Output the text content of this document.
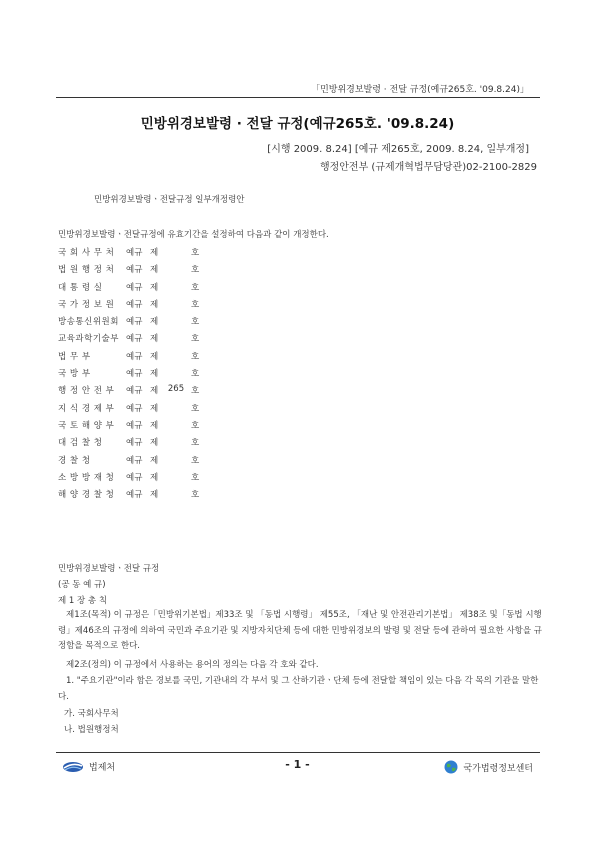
「민방위경보발령 · 전달 규정(예규265호. '09.8.24)」
민방위경보발령 · 전달 규정(예규265호. '09.8.24)
[시행 2009. 8.24] [예규 제265호, 2009. 8.24, 일부개정]
행정안전부 (규제개혁법무담당관)02-2100-2829
민방위경보발령ㆍ전달규정 일부개정령안
민방위경보발령ㆍ전달규정에 유효기간을 설정하여 다음과 같이 개정한다.
국 회 사 무 처	예규 제	호
법 원 행 정 처	예규 제	호
대 통 령 실	예규 제	호
국 가 정 보 원	예규 제	호
방송통신위원회 예규 제	호
교육과학기술부 예규 제	호
법 무 부	예규 제	호
국 방 부	예규 제	호
행 정 안 전 부	예규 제	265 호
지 식 경 제 부	예규 제	호
국 토 해 양 부	예규 제	호
대 검 찰 청	예규 제	호
경 찰 청	예규 제	호
소 방 방 재 청	예규 제	호
해 양 경 찰 청	예규 제	호
민방위경보발령ㆍ전달 규정
(공 동 예 규)
제 1 장 총 칙
제1조(목적) 이 규정은「민방위기본법」제33조 및 「동법 시행령」 제55조, 「재난 및 안전관리기본법」 제38조 및「동법 시행령」제46조의 규정에 의하여 국민과 주요기관 및 지방자치단체 등에 대한 민방위경보의 발령 및 전달 등에 관하여 필요한 사항을 규정함을 목적으로 한다.
제2조(정의) 이 규정에서 사용하는 용어의 정의는 다음 각 호와 같다.
1. "주요기관"이라 함은 경보를 국민, 기관내의 각 부서 및 그 산하기관ㆍ단체 등에 전달할 책임이 있는 다음 각 목의 기관을 말한다.
가. 국회사무처
나. 법원행정처
법제처	- 1 -	국가법령정보센터
